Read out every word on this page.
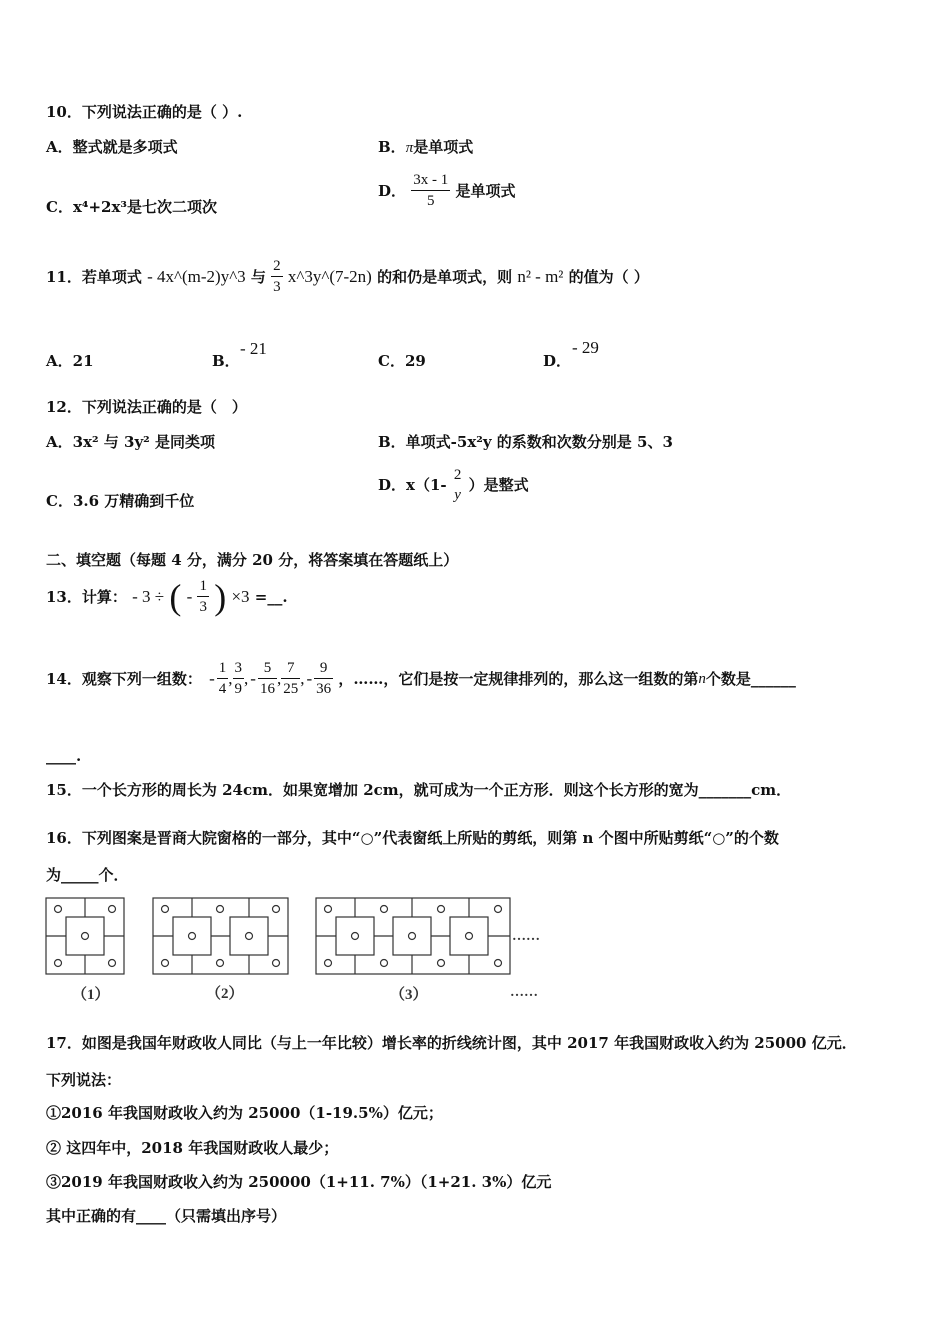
10．下列说法正确的是（ ）.
A．整式就是多项式	B．π是单项式
C．x⁴+2x³是七次二项次
D． $\frac{3x - 1}{5}$ 是单项式
11．若单项式 - 4x^(m-2)y^3 与 $\frac{2}{3}$ x^3y^(7-2n) 的和仍是单项式，则 n² - m² 的值为（ ）
A．21	B．
- 21
C．29	D．
- 29
12．下列说法正确的是（　）
A．3x² 与 3y² 是同类项	B．单项式-5x²y 的系数和次数分别是 5、3
C．3.6 万精确到千位
D．x（1-
2
y
）是整式
二、填空题（每题 4 分，满分 20 分，将答案填在答题纸上）
13．计算： - 3 ÷ ( - $\frac{1}{3}$ ) ×3 =__.
14．观察下列一组数： - $\frac{1}{4}$ , $\frac{3}{9}$ , - $\frac{5}{16}$ , $\frac{7}{25}$ , - $\frac{9}{36}$ ，……，它们是按一定规律排列的，那么这一组数的第n个数是______
____.
15．一个长方形的周长为 24cm．如果宽增加 2cm，就可成为一个正方形．则这个长方形的宽为_______cm．
16．下列图案是晋商大院窗格的一部分，其中“○”代表窗纸上所贴的剪纸，则第 n 个图中所贴剪纸“○”的个数
为_____个．
（1）	（2）	（3）
……
……
17．如图是我国年财政收人同比（与上一年比较）增长率的折线统计图，其中 2017 年我国财政收入约为 25000 亿元．
下列说法：
①2016 年我国财政收入约为 25000（1-19.5%）亿元；
② 这四年中，2018 年我国财政收人最少；
③2019 年我国财政收入约为 250000（1+11. 7%）（1+21. 3%）亿元
其中正确的有____（只需填出序号）
